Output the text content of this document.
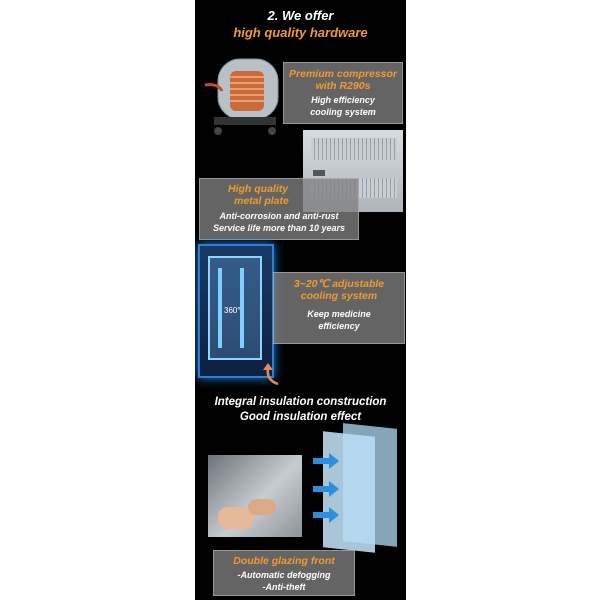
2. We offer
high quality hardware
Premium compressor
with R290s
High efficiency
cooling system
High quality
metal plate
Anti-corrosion and anti-rust
Service life more than 10 years
360°
3~20℃ adjustable
cooling system
Keep medicine
efficiency
Integral insulation construction
Good insulation effect
Double glazing front
-Automatic defogging
-Anti-theft
